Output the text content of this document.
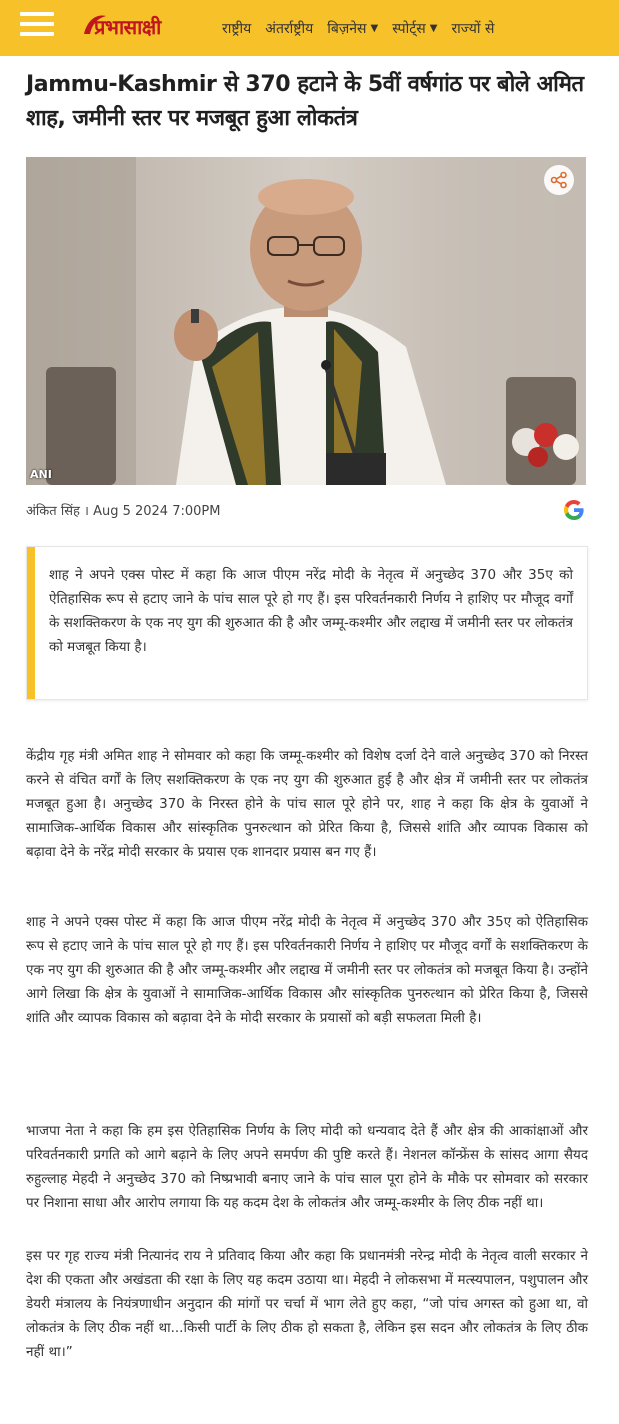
प्रभासाक्षी	राष्ट्रीय अंतर्राष्ट्रीय बिज़नेस ▼ स्पोर्ट्स ▼ राज्यों से
Jammu-Kashmir से 370 हटाने के 5वीं वर्षगांठ पर बोले अमित शाह, जमीनी स्तर पर मजबूत हुआ लोकतंत्र
ANI
अंकित सिंह । Aug 5 2024 7:00PM

शाह ने अपने एक्स पोस्ट में कहा कि आज पीएम नरेंद्र मोदी के नेतृत्व में अनुच्छेद 370 और 35ए को ऐतिहासिक रूप से हटाए जाने के पांच साल पूरे हो गए हैं। इस परिवर्तनकारी निर्णय ने हाशिए पर मौजूद वर्गों के सशक्तिकरण के एक नए युग की शुरुआत की है और जम्मू-कश्मीर और लद्दाख में जमीनी स्तर पर लोकतंत्र को मजबूत किया है।

केंद्रीय गृह मंत्री अमित शाह ने सोमवार को कहा कि जम्मू-कश्मीर को विशेष दर्जा देने वाले अनुच्छेद 370 को निरस्त करने से वंचित वर्गों के लिए सशक्तिकरण के एक नए युग की शुरुआत हुई है और क्षेत्र में जमीनी स्तर पर लोकतंत्र मजबूत हुआ है। अनुच्छेद 370 के निरस्त होने के पांच साल पूरे होने पर, शाह ने कहा कि क्षेत्र के युवाओं ने सामाजिक-आर्थिक विकास और सांस्कृतिक पुनरुत्थान को प्रेरित किया है, जिससे शांति और व्यापक विकास को बढ़ावा देने के नरेंद्र मोदी सरकार के प्रयास एक शानदार प्रयास बन गए हैं।

शाह ने अपने एक्स पोस्ट में कहा कि आज पीएम नरेंद्र मोदी के नेतृत्व में अनुच्छेद 370 और 35ए को ऐतिहासिक रूप से हटाए जाने के पांच साल पूरे हो गए हैं। इस परिवर्तनकारी निर्णय ने हाशिए पर मौजूद वर्गों के सशक्तिकरण के एक नए युग की शुरुआत की है और जम्मू-कश्मीर और लद्दाख में जमीनी स्तर पर लोकतंत्र को मजबूत किया है। उन्होंने आगे लिखा कि क्षेत्र के युवाओं ने सामाजिक-आर्थिक विकास और सांस्कृतिक पुनरुत्थान को प्रेरित किया है, जिससे शांति और व्यापक विकास को बढ़ावा देने के मोदी सरकार के प्रयासों को बड़ी सफलता मिली है।

भाजपा नेता ने कहा कि हम इस ऐतिहासिक निर्णय के लिए मोदी को धन्यवाद देते हैं और क्षेत्र की आकांक्षाओं और परिवर्तनकारी प्रगति को आगे बढ़ाने के लिए अपने समर्पण की पुष्टि करते हैं। नेशनल कॉन्फ्रेंस के सांसद आगा सैयद रुहुल्लाह मेहदी ने अनुच्छेद 370 को निष्प्रभावी बनाए जाने के पांच साल पूरा होने के मौके पर सोमवार को सरकार पर निशाना साधा और आरोप लगाया कि यह कदम देश के लोकतंत्र और जम्मू-कश्मीर के लिए ठीक नहीं था।

इस पर गृह राज्य मंत्री नित्यानंद राय ने प्रतिवाद किया और कहा कि प्रधानमंत्री नरेन्द्र मोदी के नेतृत्व वाली सरकार ने देश की एकता और अखंडता की रक्षा के लिए यह कदम उठाया था। मेहदी ने लोकसभा में मत्स्यपालन, पशुपालन और डेयरी मंत्रालय के नियंत्रणाधीन अनुदान की मांगों पर चर्चा में भाग लेते हुए कहा, “जो पांच अगस्त को हुआ था, वो लोकतंत्र के लिए ठीक नहीं था...किसी पार्टी के लिए ठीक हो सकता है, लेकिन इस सदन और लोकतंत्र के लिए ठीक नहीं था।”
